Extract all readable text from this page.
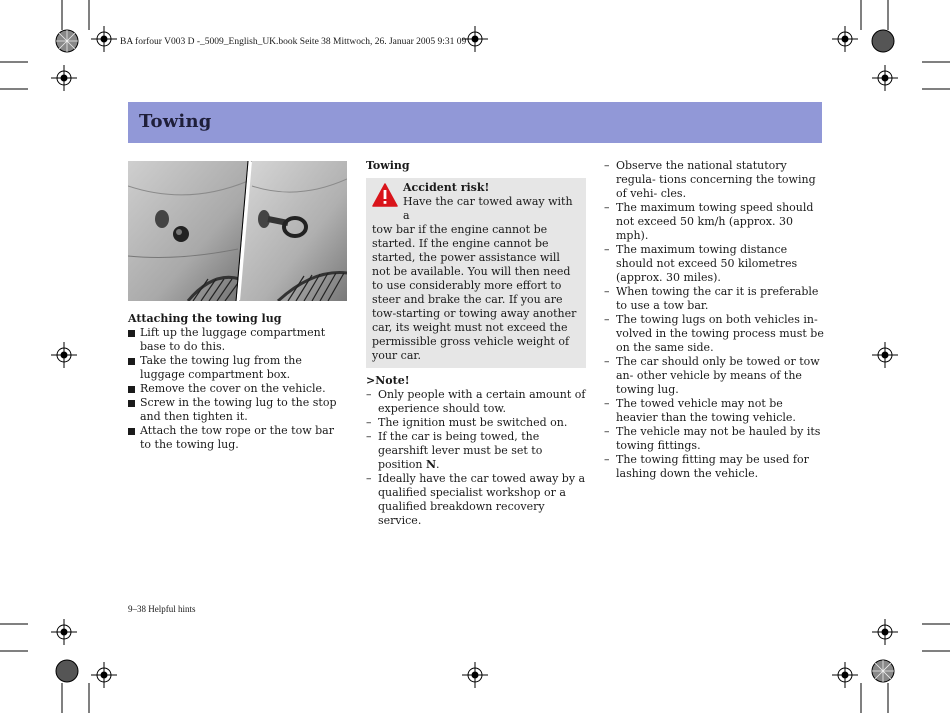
BA forfour V003 D -_5009_English_UK.book Seite 38 Mittwoch, 26. Januar 2005 9:31 09
Towing
Attaching the towing lug
Lift up the luggage compartment base to do this.
Take the towing lug from the luggage compartment box.
Remove the cover on the vehicle.
Screw in the towing lug to the stop and then tighten it.
Attach the tow rope or the tow bar to the towing lug.
Towing
Accident risk!
Have the car towed away with a
tow bar if the engine cannot be started. If the engine cannot be started, the power assistance will not be available. You will then need to use considerably more effort to steer and brake the car. If you are tow-starting or towing away another car, its weight must not exceed the permissible gross vehicle weight of your car.
>Note!
– Only people with a certain amount of experience should tow.
– The ignition must be switched on.
– If the car is being towed, the gearshift lever must be set to position N.
– Ideally have the car towed away by a qualified specialist workshop or a qualified breakdown recovery service.
– Observe the national statutory regula- tions concerning the towing of vehi- cles.
– The maximum towing speed should not exceed 50 km/h (approx. 30 mph).
– The maximum towing distance should not exceed 50 kilometres (approx. 30 miles).
– When towing the car it is preferable to use a tow bar.
– The towing lugs on both vehicles in- volved in the towing process must be on the same side.
– The car should only be towed or tow an- other vehicle by means of the towing lug.
– The towed vehicle may not be heavier than the towing vehicle.
– The vehicle may not be hauled by its towing fittings.
– The towing fitting may be used for lashing down the vehicle.
9–38 Helpful hints
